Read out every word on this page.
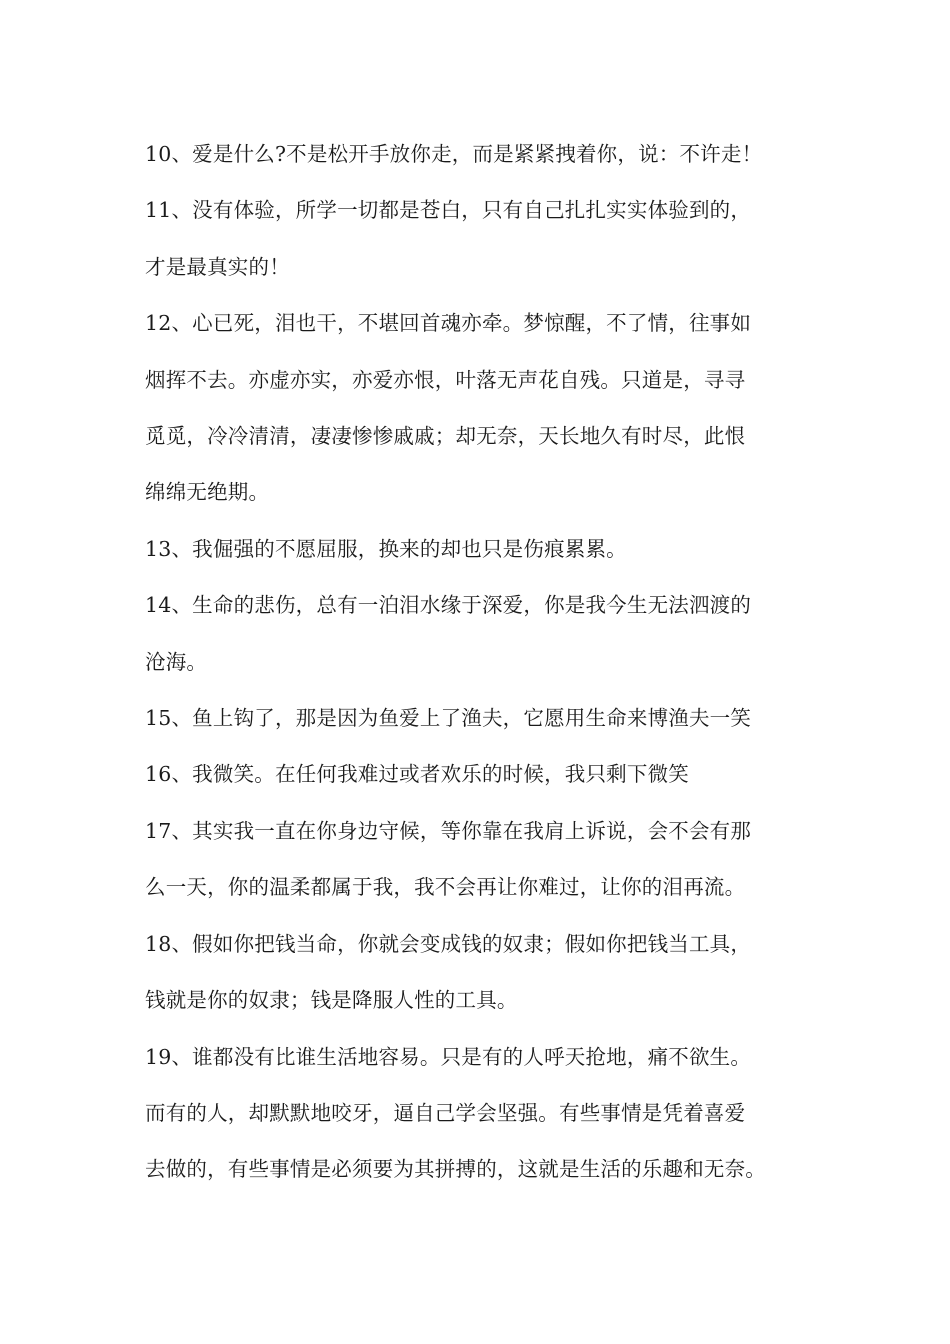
10、爱是什么?不是松开手放你走，而是紧紧拽着你，说：不许走！

11、没有体验，所学一切都是苍白，只有自己扎扎实实体验到的，
才是最真实的！

12、心已死，泪也干，不堪回首魂亦牵。梦惊醒，不了情，往事如
烟挥不去。亦虚亦实，亦爱亦恨，叶落无声花自残。只道是，寻寻
觅觅，冷冷清清，凄凄惨惨戚戚；却无奈，天长地久有时尽，此恨
绵绵无绝期。

13、我倔强的不愿屈服，换来的却也只是伤痕累累。

14、生命的悲伤，总有一泊泪水缘于深爱，你是我今生无法泗渡的
沧海。

15、鱼上钩了，那是因为鱼爱上了渔夫，它愿用生命来博渔夫一笑

16、我微笑。在任何我难过或者欢乐的时候，我只剩下微笑

17、其实我一直在你身边守候，等你靠在我肩上诉说，会不会有那
么一天，你的温柔都属于我，我不会再让你难过，让你的泪再流。

18、假如你把钱当命，你就会变成钱的奴隶；假如你把钱当工具，
钱就是你的奴隶；钱是降服人性的工具。

19、谁都没有比谁生活地容易。只是有的人呼天抢地，痛不欲生。
而有的人，却默默地咬牙，逼自己学会坚强。有些事情是凭着喜爱
去做的，有些事情是必须要为其拼搏的，这就是生活的乐趣和无奈。
